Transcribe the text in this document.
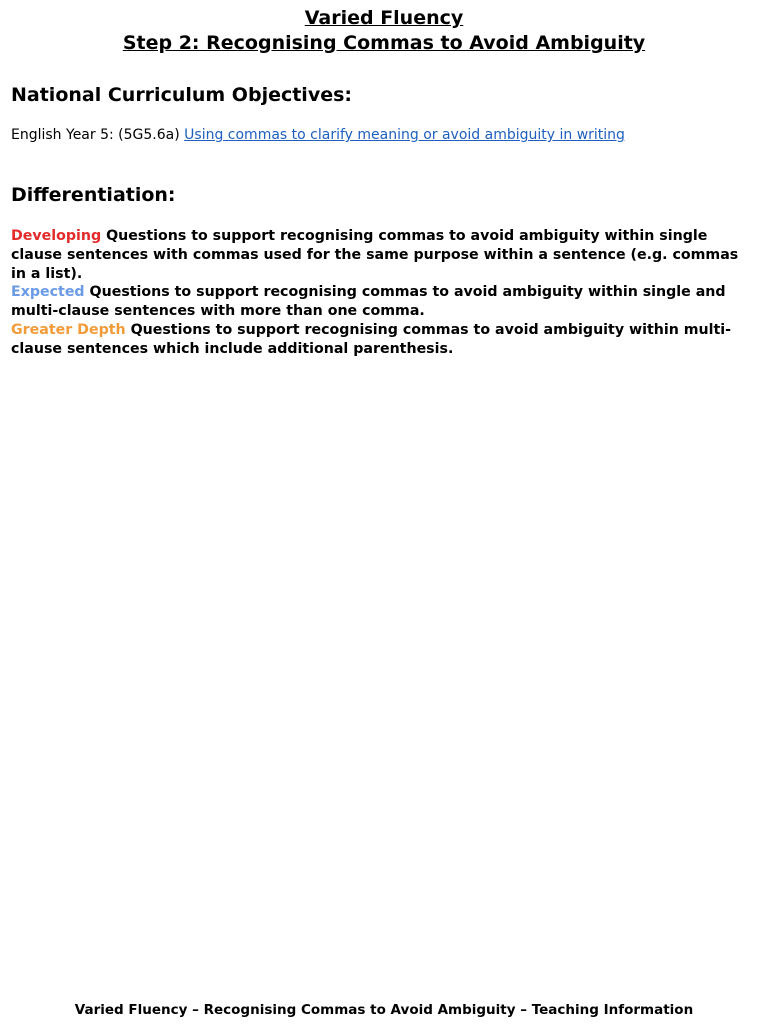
Varied Fluency
Step 2: Recognising Commas to Avoid Ambiguity
National Curriculum Objectives:
English Year 5: (5G5.6a) Using commas to clarify meaning or avoid ambiguity in writing
Differentiation:

Developing Questions to support recognising commas to avoid ambiguity within single clause sentences with commas used for the same purpose within a sentence (e.g. commas in a list).

Expected Questions to support recognising commas to avoid ambiguity within single and multi-clause sentences with more than one comma.

Greater Depth Questions to support recognising commas to avoid ambiguity within multi-clause sentences which include additional parenthesis.

Varied Fluency – Recognising Commas to Avoid Ambiguity – Teaching Information
